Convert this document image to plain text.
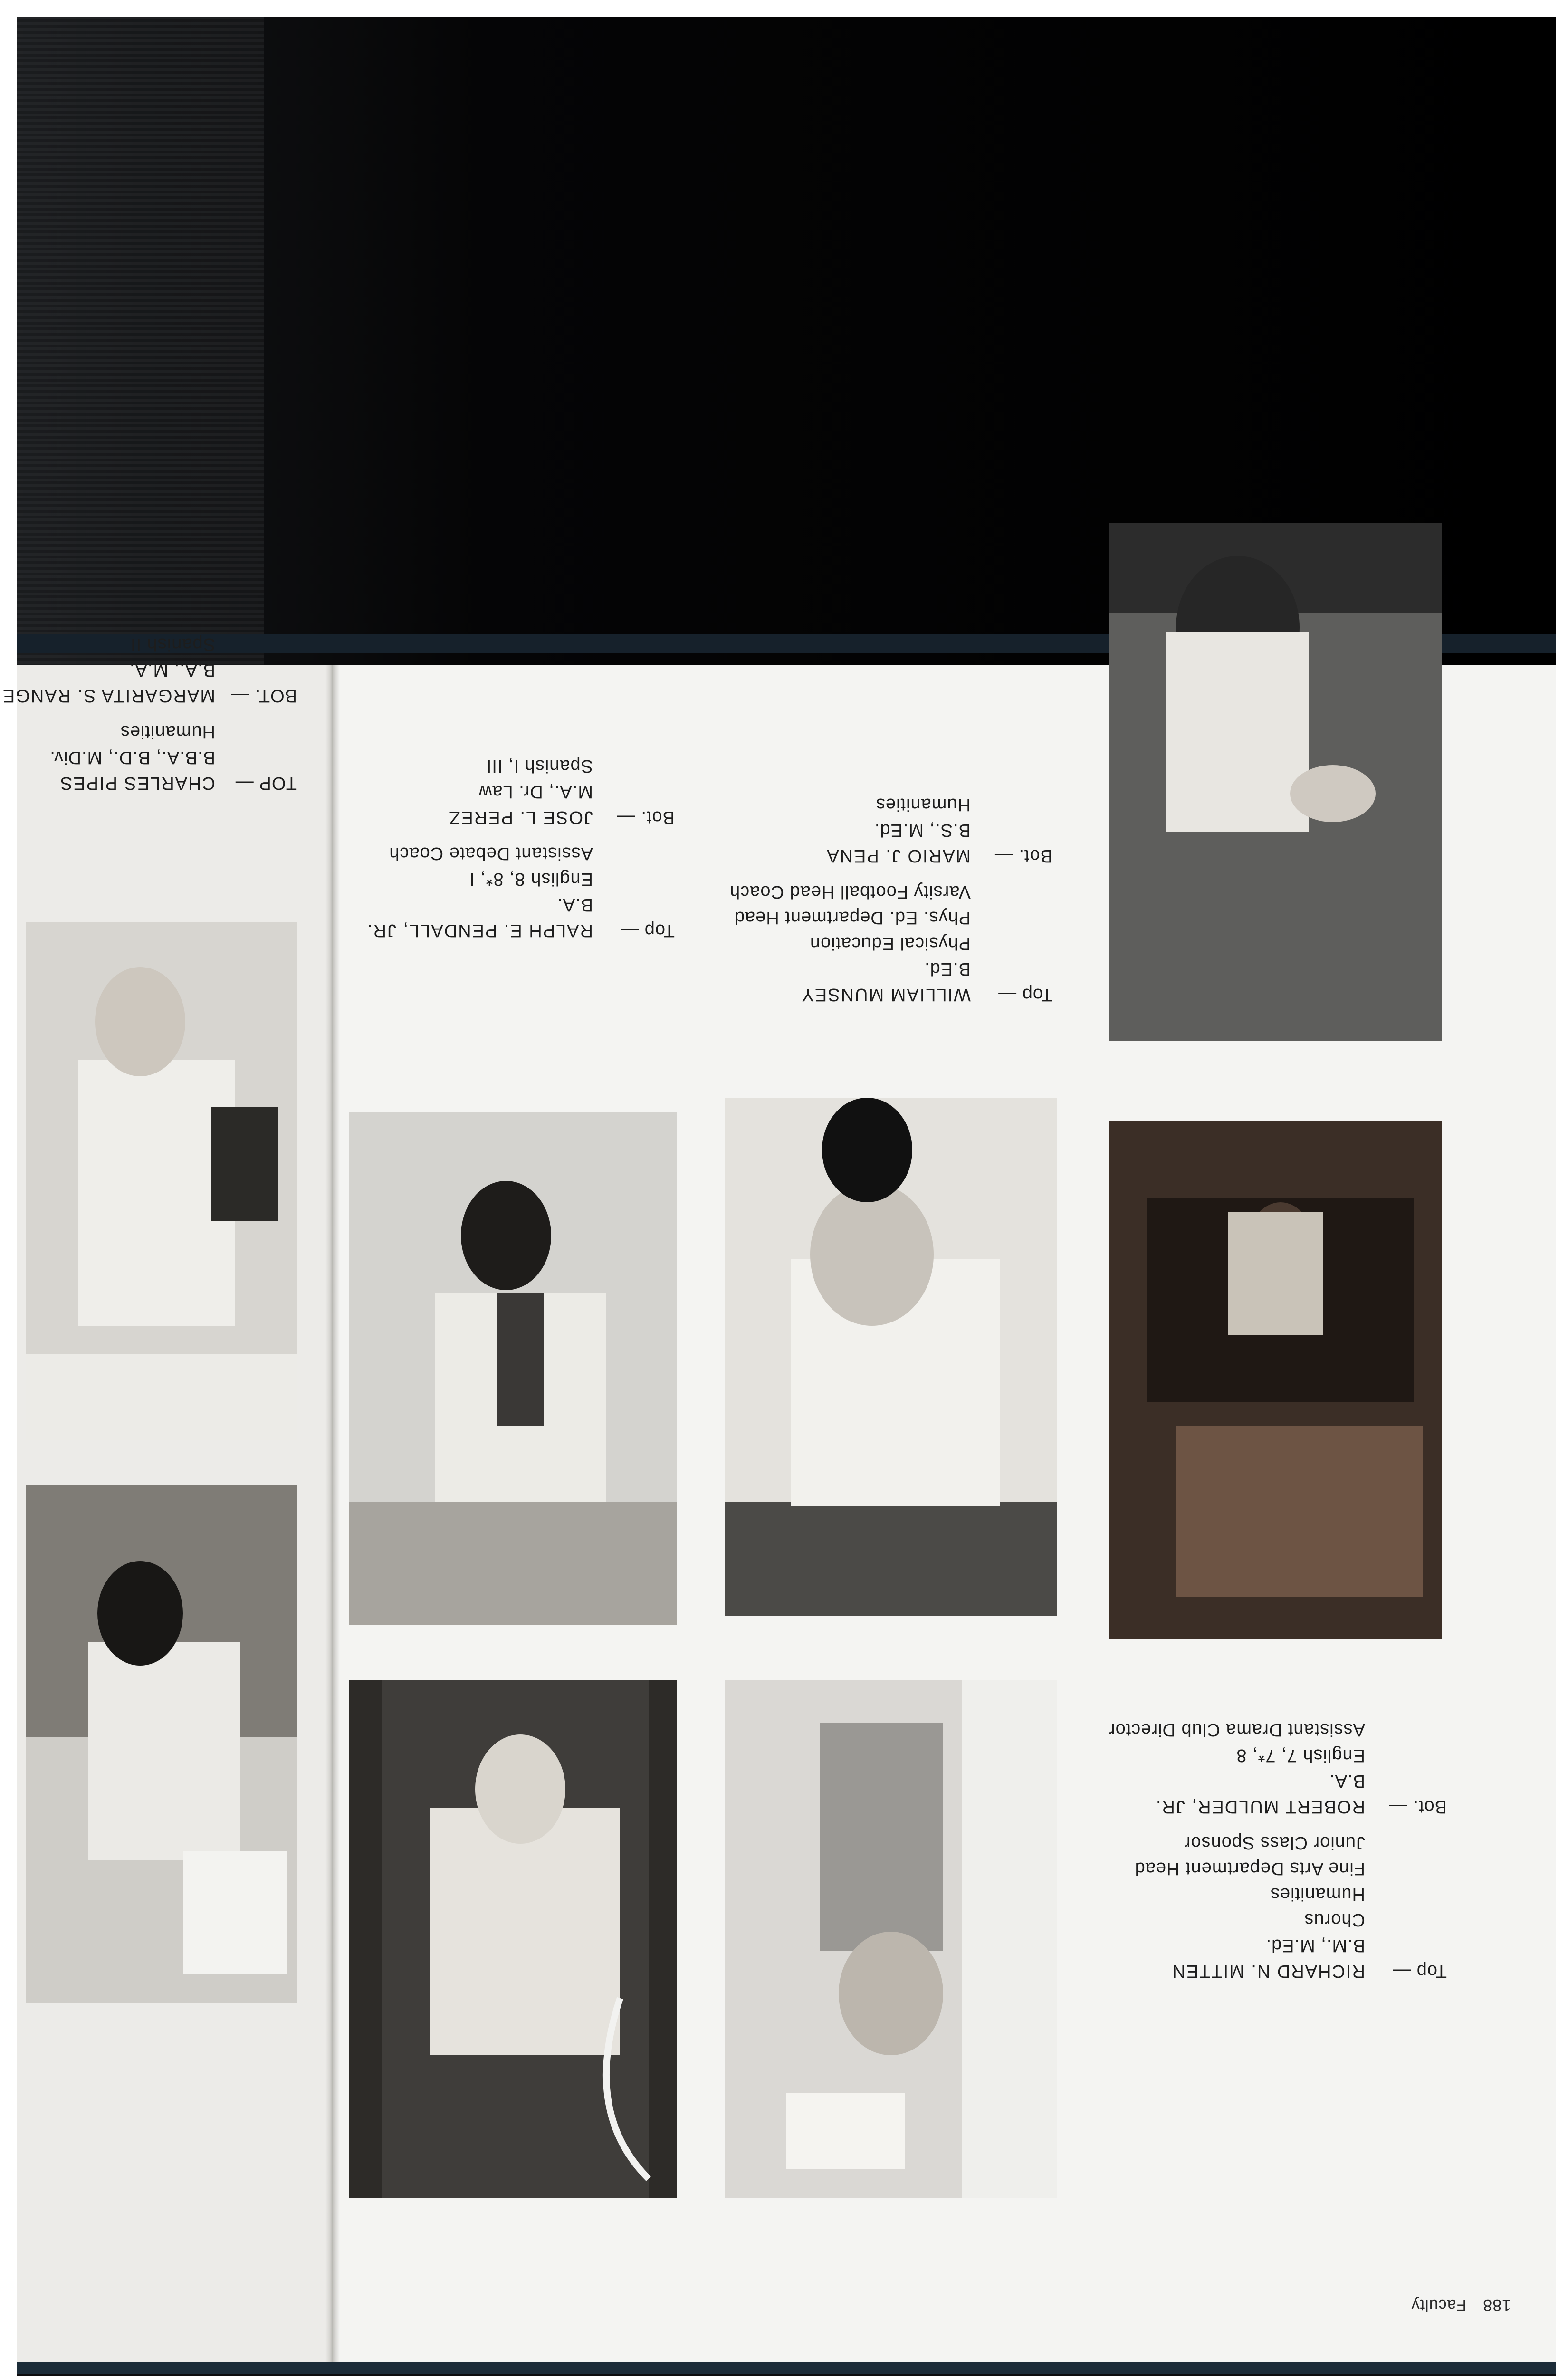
188Faculty
Top —
RICHARD N. MITTEN
B.M., M.Ed.
Chorus
Humanities
Fine Arts Department Head
Junior Class Sponsor
Bot. —
ROBERT MULDER, JR.
B.A.
English 7, 7*, 8
Assistant Drama Club Director
Top —
WILLIAM MUNSEY
B.Ed.
Physical Education
Phys. Ed. Department Head
Varsity Football Head Coach
Bot. —
MARIO J. PENA
B.S., M.Ed.
Humanities
Top —
RALPH E. PENDALL, JR.
B.A.
English 8, 8*, I
Assistant Debate Coach
Bot. —
JOSE L. PEREZ
M.A., Dr. Law
Spanish I, III
TOP —
CHARLES PIPES
B.B.A., B.D., M.Div.
Humanities
BOT. —
MARGARITA S. RANGE
B.A., M.A.
Spanish II
